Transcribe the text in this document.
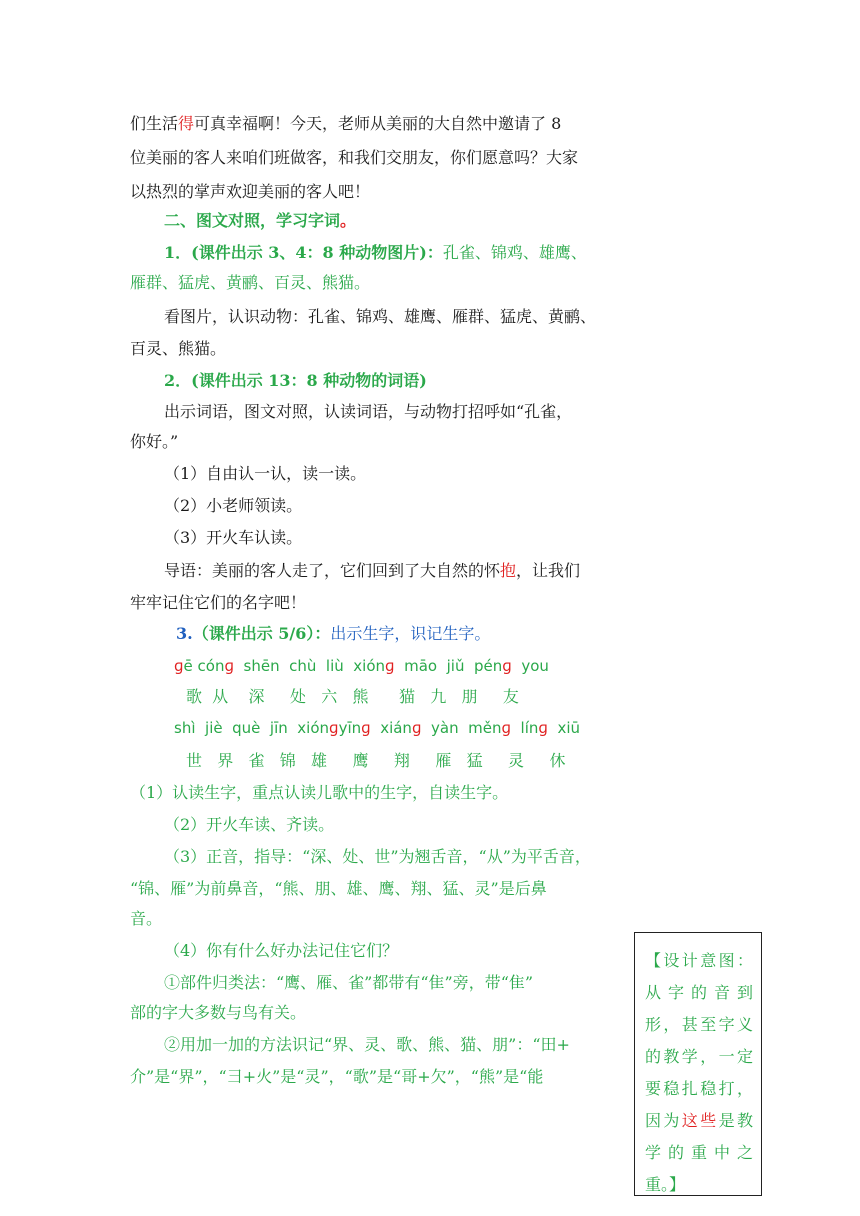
们生活得可真幸福啊！今天，老师从美丽的大自然中邀请了 8
位美丽的客人来咱们班做客，和我们交朋友，你们愿意吗？大家
以热烈的掌声欢迎美丽的客人吧！
二、图文对照，学习字词。
1．(课件出示 3、4：8 种动物图片)：孔雀、锦鸡、雄鹰、
雁群、猛虎、黄鹂、百灵、熊猫。
看图片，认识动物：孔雀、锦鸡、雄鹰、雁群、猛虎、黄鹂、
百灵、熊猫。
2．(课件出示 13：8 种动物的词语)
出示词语，图文对照，认读词语，与动物打招呼如“孔雀，
你好。”
（1）自由认一认，读一读。
（2）小老师领读。
（3）开火车认读。
导语：美丽的客人走了，它们回到了大自然的怀抱，让我们
牢牢记住它们的名字吧！
3.（课件出示 5/6）：出示生字，识记生字。
ɡē cónɡ  shēn  chù  liù  xiónɡ  māo  jiǔ  pénɡ  you
歌  从    深     处   六   熊      猫   九   朋     友
shì  jiè  què  jīn  xiónɡyīnɡ  xiánɡ  yàn  měnɡ  línɡ  xiū
世   界   雀   锦   雄     鹰     翔     雁   猛     灵     休
（1）认读生字，重点认读儿歌中的生字，自读生字。
（2）开火车读、齐读。
（3）正音，指导：“深、处、世”为翘舌音，“从”为平舌音，
“锦、雁”为前鼻音，“熊、朋、雄、鹰、翔、猛、灵”是后鼻
音。
（4）你有什么好办法记住它们？
①部件归类法：“鹰、雁、雀”都带有“隹”旁，带“隹”
部的字大多数与鸟有关。
②用加一加的方法识记“界、灵、歌、熊、猫、朋”：“田+
介”是“界”，“彐+火”是“灵”，“歌”是“哥+欠”，“熊”是“能
【设计意图：从字的音到形，甚至字义的教学，一定要稳扎稳打，因为这些是教学的重中之重。】
